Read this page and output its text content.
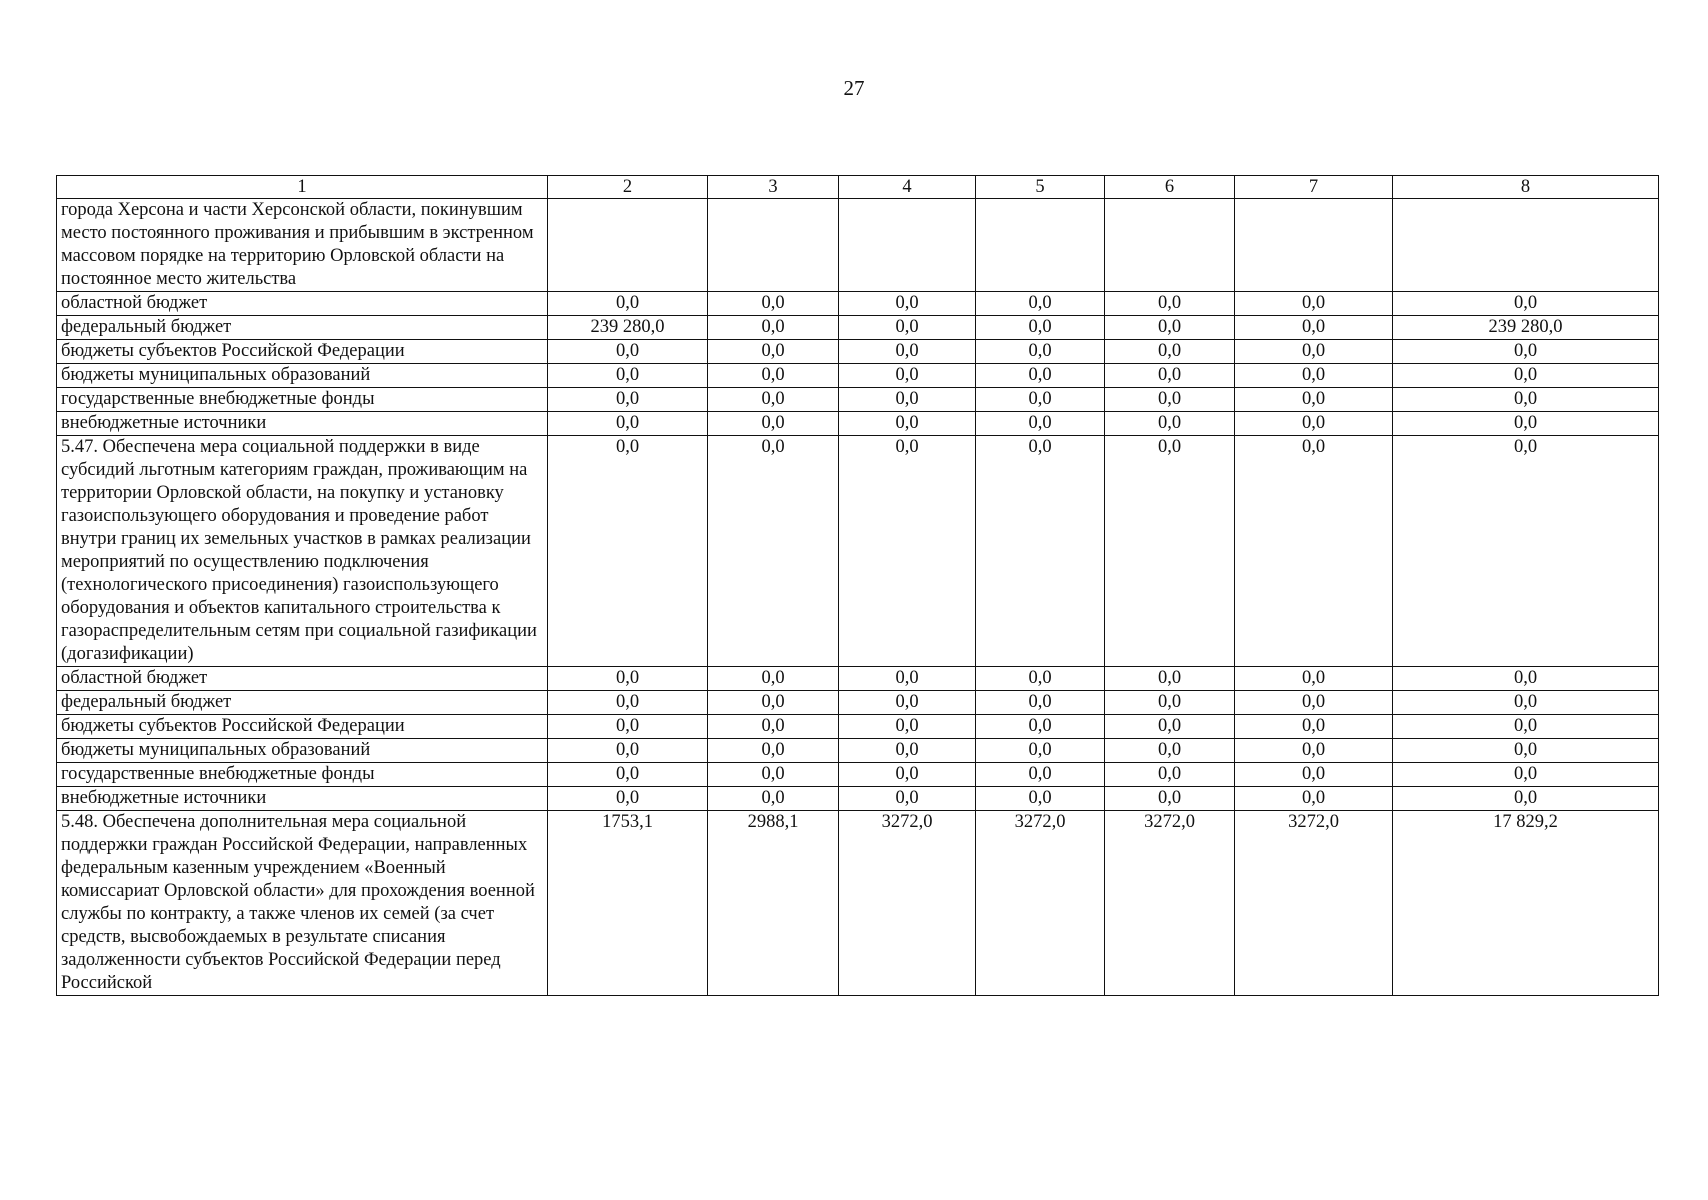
27
1	2	3	4	5	6	7	8
города Херсона и части Херсонской области, покинувшим место постоянного проживания и прибывшим в экстренном массовом порядке на территорию Орловской области на постоянное место жительства							
областной бюджет	0,0	0,0	0,0	0,0	0,0	0,0	0,0
федеральный бюджет	239 280,0	0,0	0,0	0,0	0,0	0,0	239 280,0
бюджеты субъектов Российской Федерации	0,0	0,0	0,0	0,0	0,0	0,0	0,0
бюджеты муниципальных образований	0,0	0,0	0,0	0,0	0,0	0,0	0,0
государственные внебюджетные фонды	0,0	0,0	0,0	0,0	0,0	0,0	0,0
внебюджетные источники	0,0	0,0	0,0	0,0	0,0	0,0	0,0
5.47. Обеспечена мера социальной поддержки в виде субсидий льготным категориям граждан, проживающим на территории Орловской области, на покупку и установку газоиспользующего оборудования и проведение работ внутри границ их земельных участков в рамках реализации мероприятий по осуществлению подключения (технологического присоединения) газоиспользующего оборудования и объектов капитального строительства к газораспределительным сетям при социальной газификации (догазификации)	0,0	0,0	0,0	0,0	0,0	0,0	0,0
областной бюджет	0,0	0,0	0,0	0,0	0,0	0,0	0,0
федеральный бюджет	0,0	0,0	0,0	0,0	0,0	0,0	0,0
бюджеты субъектов Российской Федерации	0,0	0,0	0,0	0,0	0,0	0,0	0,0
бюджеты муниципальных образований	0,0	0,0	0,0	0,0	0,0	0,0	0,0
государственные внебюджетные фонды	0,0	0,0	0,0	0,0	0,0	0,0	0,0
внебюджетные источники	0,0	0,0	0,0	0,0	0,0	0,0	0,0
5.48. Обеспечена дополнительная мера социальной поддержки граждан Российской Федерации, направленных федеральным казенным учреждением «Военный комиссариат Орловской области» для прохождения военной службы по контракту, а также членов их семей (за счет средств, высвобождаемых в результате списания задолженности субъектов Российской Федерации перед Российской	1753,1	2988,1	3272,0	3272,0	3272,0	3272,0	17 829,2
